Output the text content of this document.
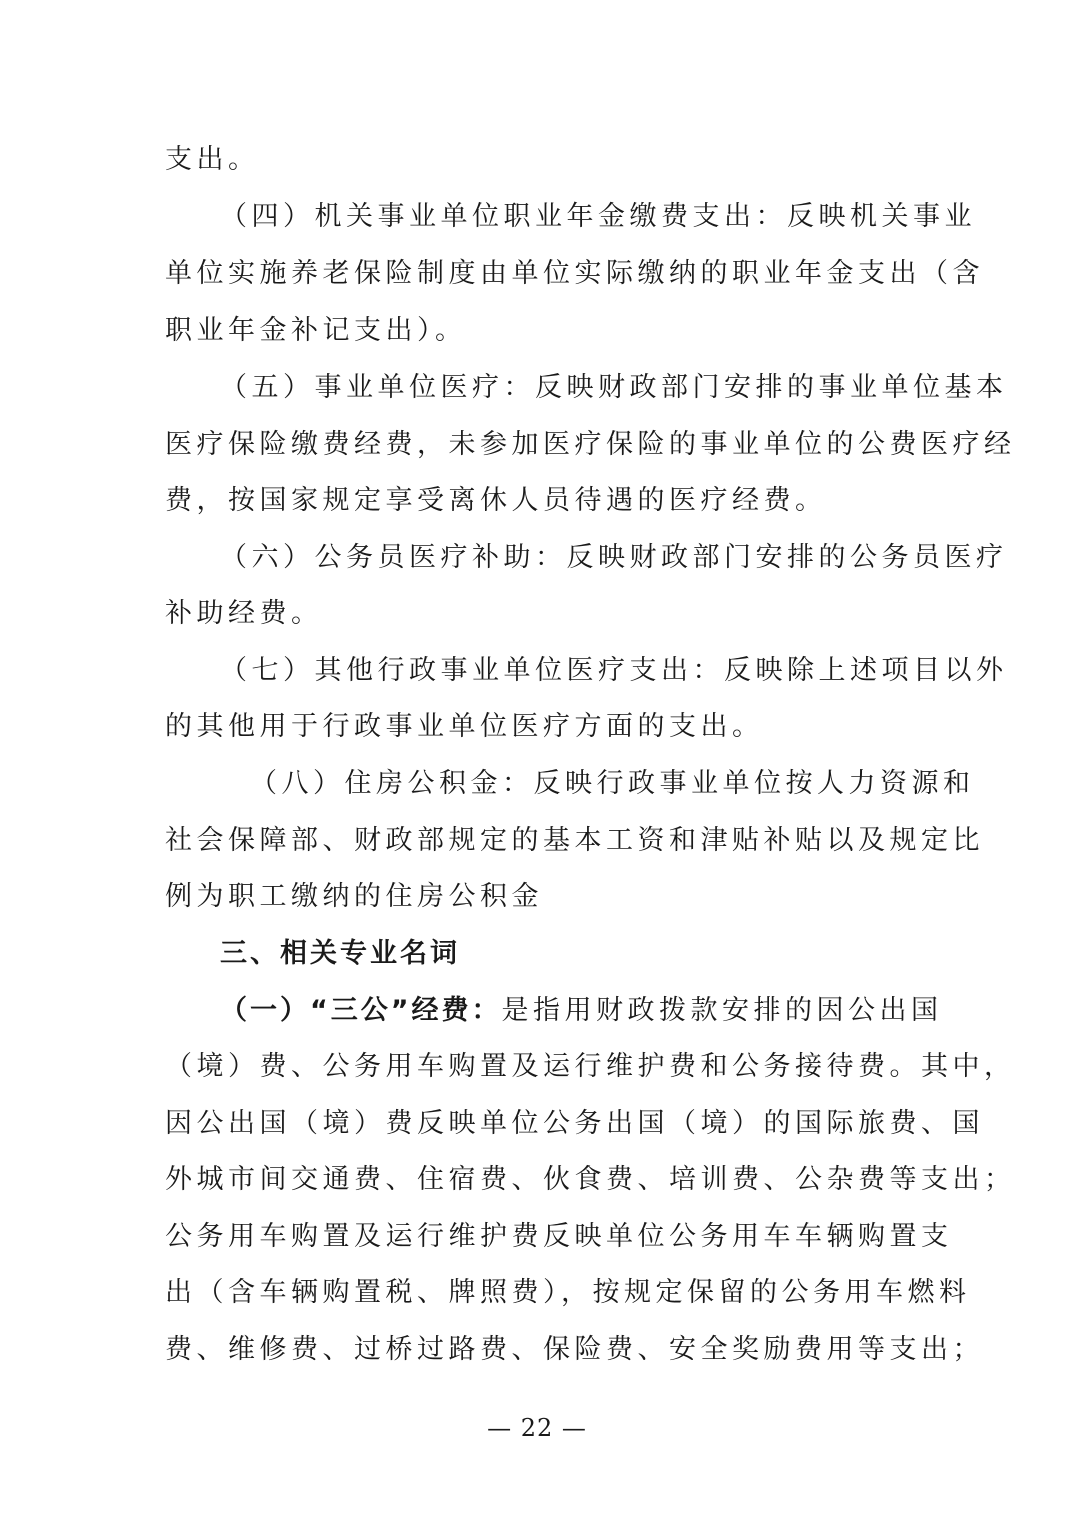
支出。
（四）机关事业单位职业年金缴费支出：反映机关事业
单位实施养老保险制度由单位实际缴纳的职业年金支出（含
职业年金补记支出）。
（五）事业单位医疗：反映财政部门安排的事业单位基本
医疗保险缴费经费，未参加医疗保险的事业单位的公费医疗经
费，按国家规定享受离休人员待遇的医疗经费。
（六）公务员医疗补助：反映财政部门安排的公务员医疗
补助经费。
（七）其他行政事业单位医疗支出：反映除上述项目以外
的其他用于行政事业单位医疗方面的支出。
（八）住房公积金：反映行政事业单位按人力资源和
社会保障部、财政部规定的基本工资和津贴补贴以及规定比
例为职工缴纳的住房公积金
三、相关专业名词
（一）“三公”经费：是指用财政拨款安排的因公出国
（境）费、公务用车购置及运行维护费和公务接待费。其中，
因公出国（境）费反映单位公务出国（境）的国际旅费、国
外城市间交通费、住宿费、伙食费、培训费、公杂费等支出；
公务用车购置及运行维护费反映单位公务用车车辆购置支
出（含车辆购置税、牌照费），按规定保留的公务用车燃料
费、维修费、过桥过路费、保险费、安全奖励费用等支出；
— 22 —
